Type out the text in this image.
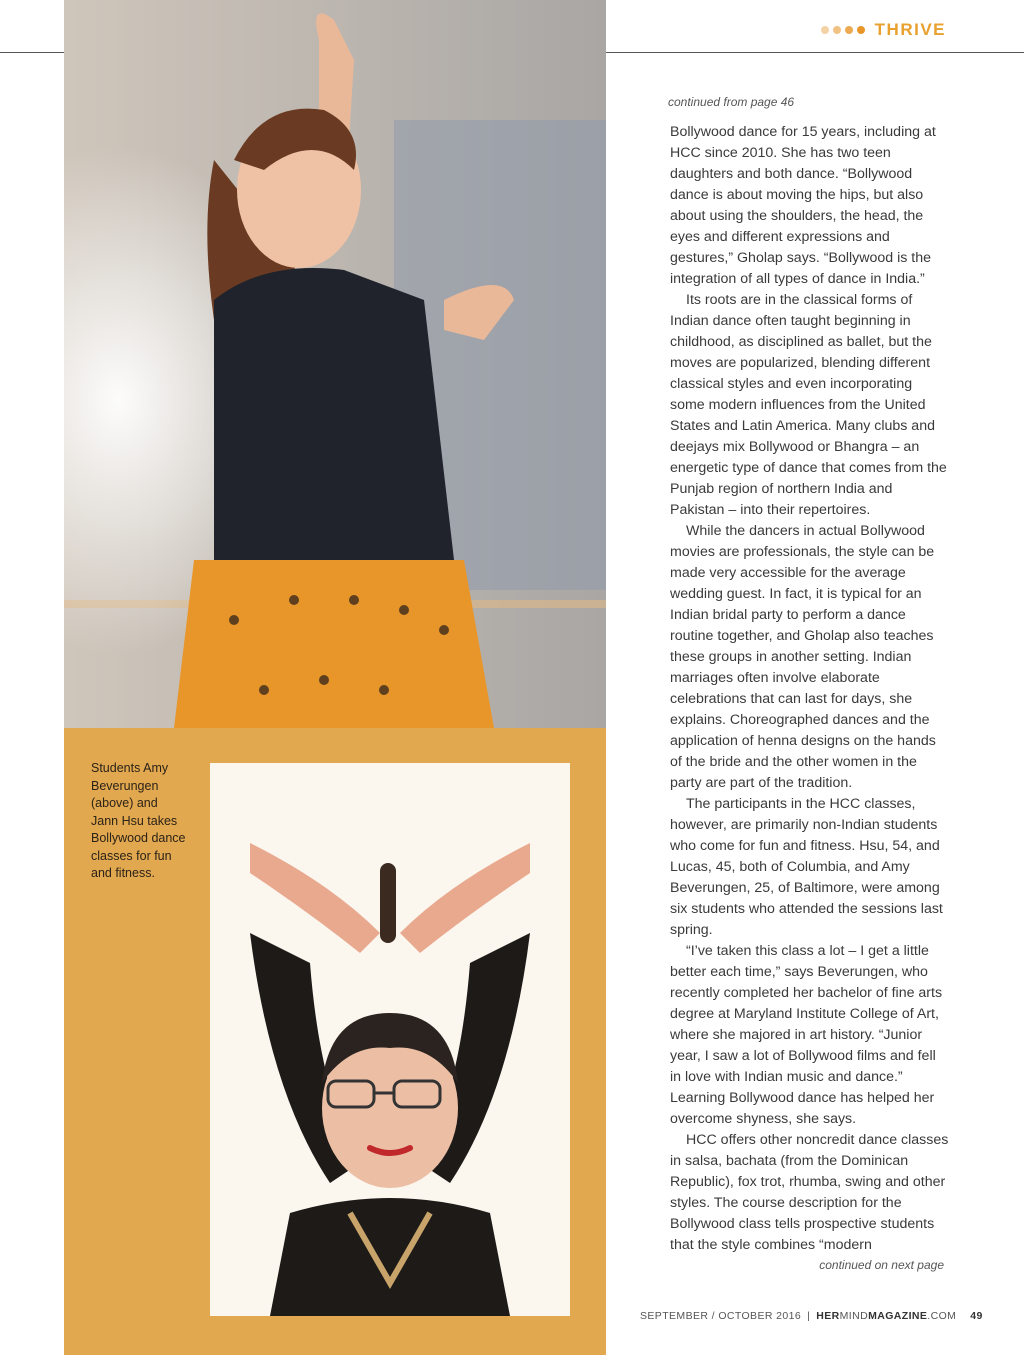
THRIVE
Students Amy
Beverungen
(above) and
Jann Hsu takes
Bollywood dance
classes for fun
and fitness.
continued from page 46

Bollywood dance for 15 years, including at HCC since 2010. She has two teen daughters and both dance. “Bollywood dance is about moving the hips, but also about using the shoulders, the head, the eyes and different expressions and gestures,” Gholap says. “Bollywood is the integration of all types of dance in India.”

Its roots are in the classical forms of Indian dance often taught beginning in childhood, as disciplined as ballet, but the moves are popularized, blending different classical styles and even incorporating some modern influences from the United States and Latin America. Many clubs and deejays mix Bollywood or Bhangra – an energetic type of dance that comes from the Punjab region of northern India and Pakistan – into their repertoires.

While the dancers in actual Bollywood movies are professionals, the style can be made very accessible for the average wedding guest. In fact, it is typical for an Indian bridal party to perform a dance routine together, and Gholap also teaches these groups in another setting. Indian marriages often involve elaborate celebrations that can last for days, she explains. Choreographed dances and the application of henna designs on the hands of the bride and the other women in the party are part of the tradition.

The participants in the HCC classes, however, are primarily non-Indian students who come for fun and fitness. Hsu, 54, and Lucas, 45, both of Columbia, and Amy Beverungen, 25, of Baltimore, were among six students who attended the sessions last spring.

“I’ve taken this class a lot – I get a little better each time,” says Beverungen, who recently completed her bachelor of fine arts degree at Maryland Institute College of Art, where she majored in art history. “Junior year, I saw a lot of Bollywood films and fell in love with Indian music and dance.” Learning Bollywood dance has helped her overcome shyness, she says.

HCC offers other noncredit dance classes in salsa, bachata (from the Dominican Republic), fox trot, rhumba, swing and other styles. The course description for the Bollywood class tells prospective students that the style combines “modern

continued on next page
SEPTEMBER / OCTOBER 2016 | HERMINDMAGAZINE.COM 49
